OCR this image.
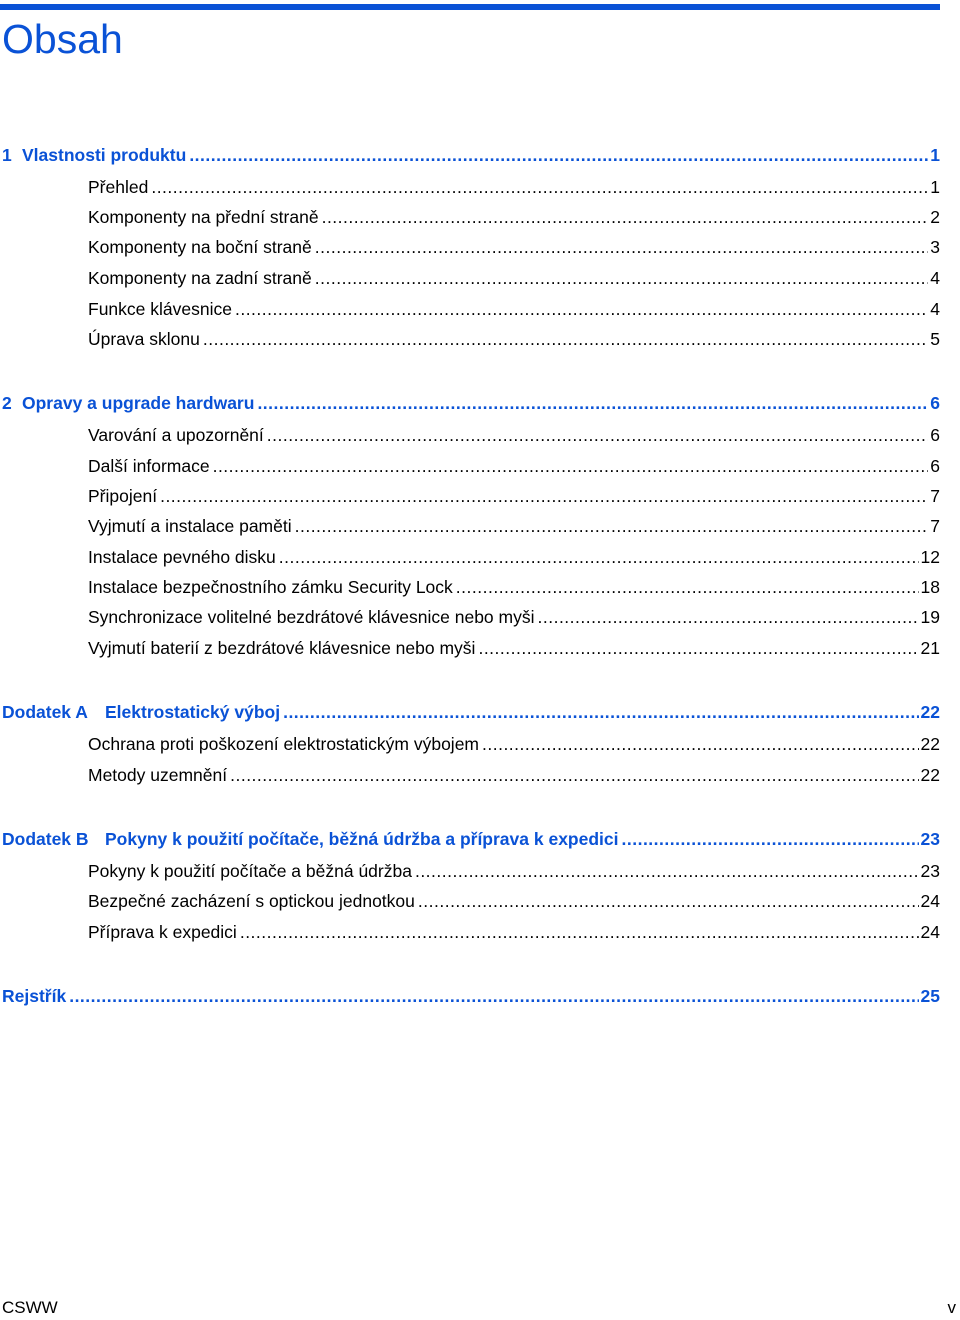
Obsah
1 Vlastnosti produktu .....	1
Přehled .....	1
Komponenty na přední straně .....	2
Komponenty na boční straně .....	3
Komponenty na zadní straně .....	4
Funkce klávesnice .....	4
Úprava sklonu .....	5
2 Opravy a upgrade hardwaru .....	6
Varování a upozornění .....	6
Další informace .....	6
Připojení .....	7
Vyjmutí a instalace paměti .....	7
Instalace pevného disku .....	12
Instalace bezpečnostního zámku Security Lock .....	18
Synchronizace volitelné bezdrátové klávesnice nebo myši .....	19
Vyjmutí baterií z bezdrátové klávesnice nebo myši .....	21
Dodatek A Elektrostatický výboj .....	22
Ochrana proti poškození elektrostatickým výbojem .....	22
Metody uzemnění .....	22
Dodatek B Pokyny k použití počítače, běžná údržba a příprava k expedici .....	23
Pokyny k použití počítače a běžná údržba .....	23
Bezpečné zacházení s optickou jednotkou .....	24
Příprava k expedici .....	24
Rejstřík .....	25
CSWW	v
